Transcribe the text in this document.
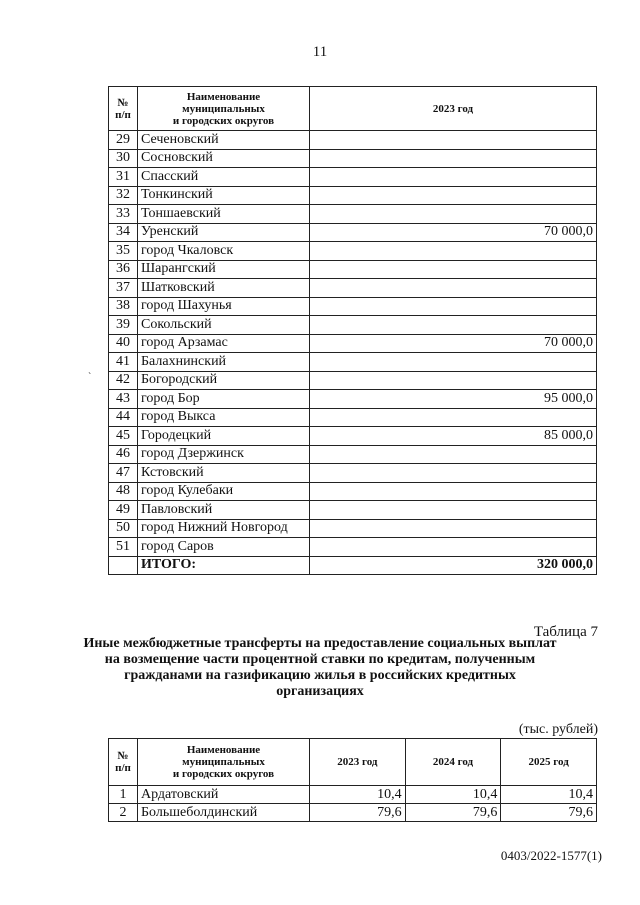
11
№
п/п	Наименование
муниципальных
и городских округов	2023 год
29	Сеченовский	
30	Сосновский	
31	Спасский	
32	Тонкинский	
33	Тоншаевский	
34	Уренский	70 000,0
35	город Чкаловск	
36	Шарангский	
37	Шатковский	
38	город Шахунья	
39	Сокольский	
40	город Арзамас	70 000,0
41	Балахнинский	
42	Богородский	
43	город Бор	95 000,0
44	город Выкса	
45	Городецкий	85 000,0
46	город Дзержинск	
47	Кстовский	
48	город Кулебаки	
49	Павловский	
50	город Нижний Новгород	
51	город Саров	
	ИТОГО:	320 000,0
`
Таблица 7
Иные межбюджетные трансферты на предоставление социальных выплат на возмещение части процентной ставки по кредитам, полученным гражданами на газификацию жилья в российских кредитных организациях
(тыс. рублей)
№
п/п	Наименование
муниципальных
и городских округов	2023 год	2024 год	2025 год
1	Ардатовский	10,4	10,4	10,4
2	Большеболдинский	79,6	79,6	79,6
0403/2022-1577(1)
